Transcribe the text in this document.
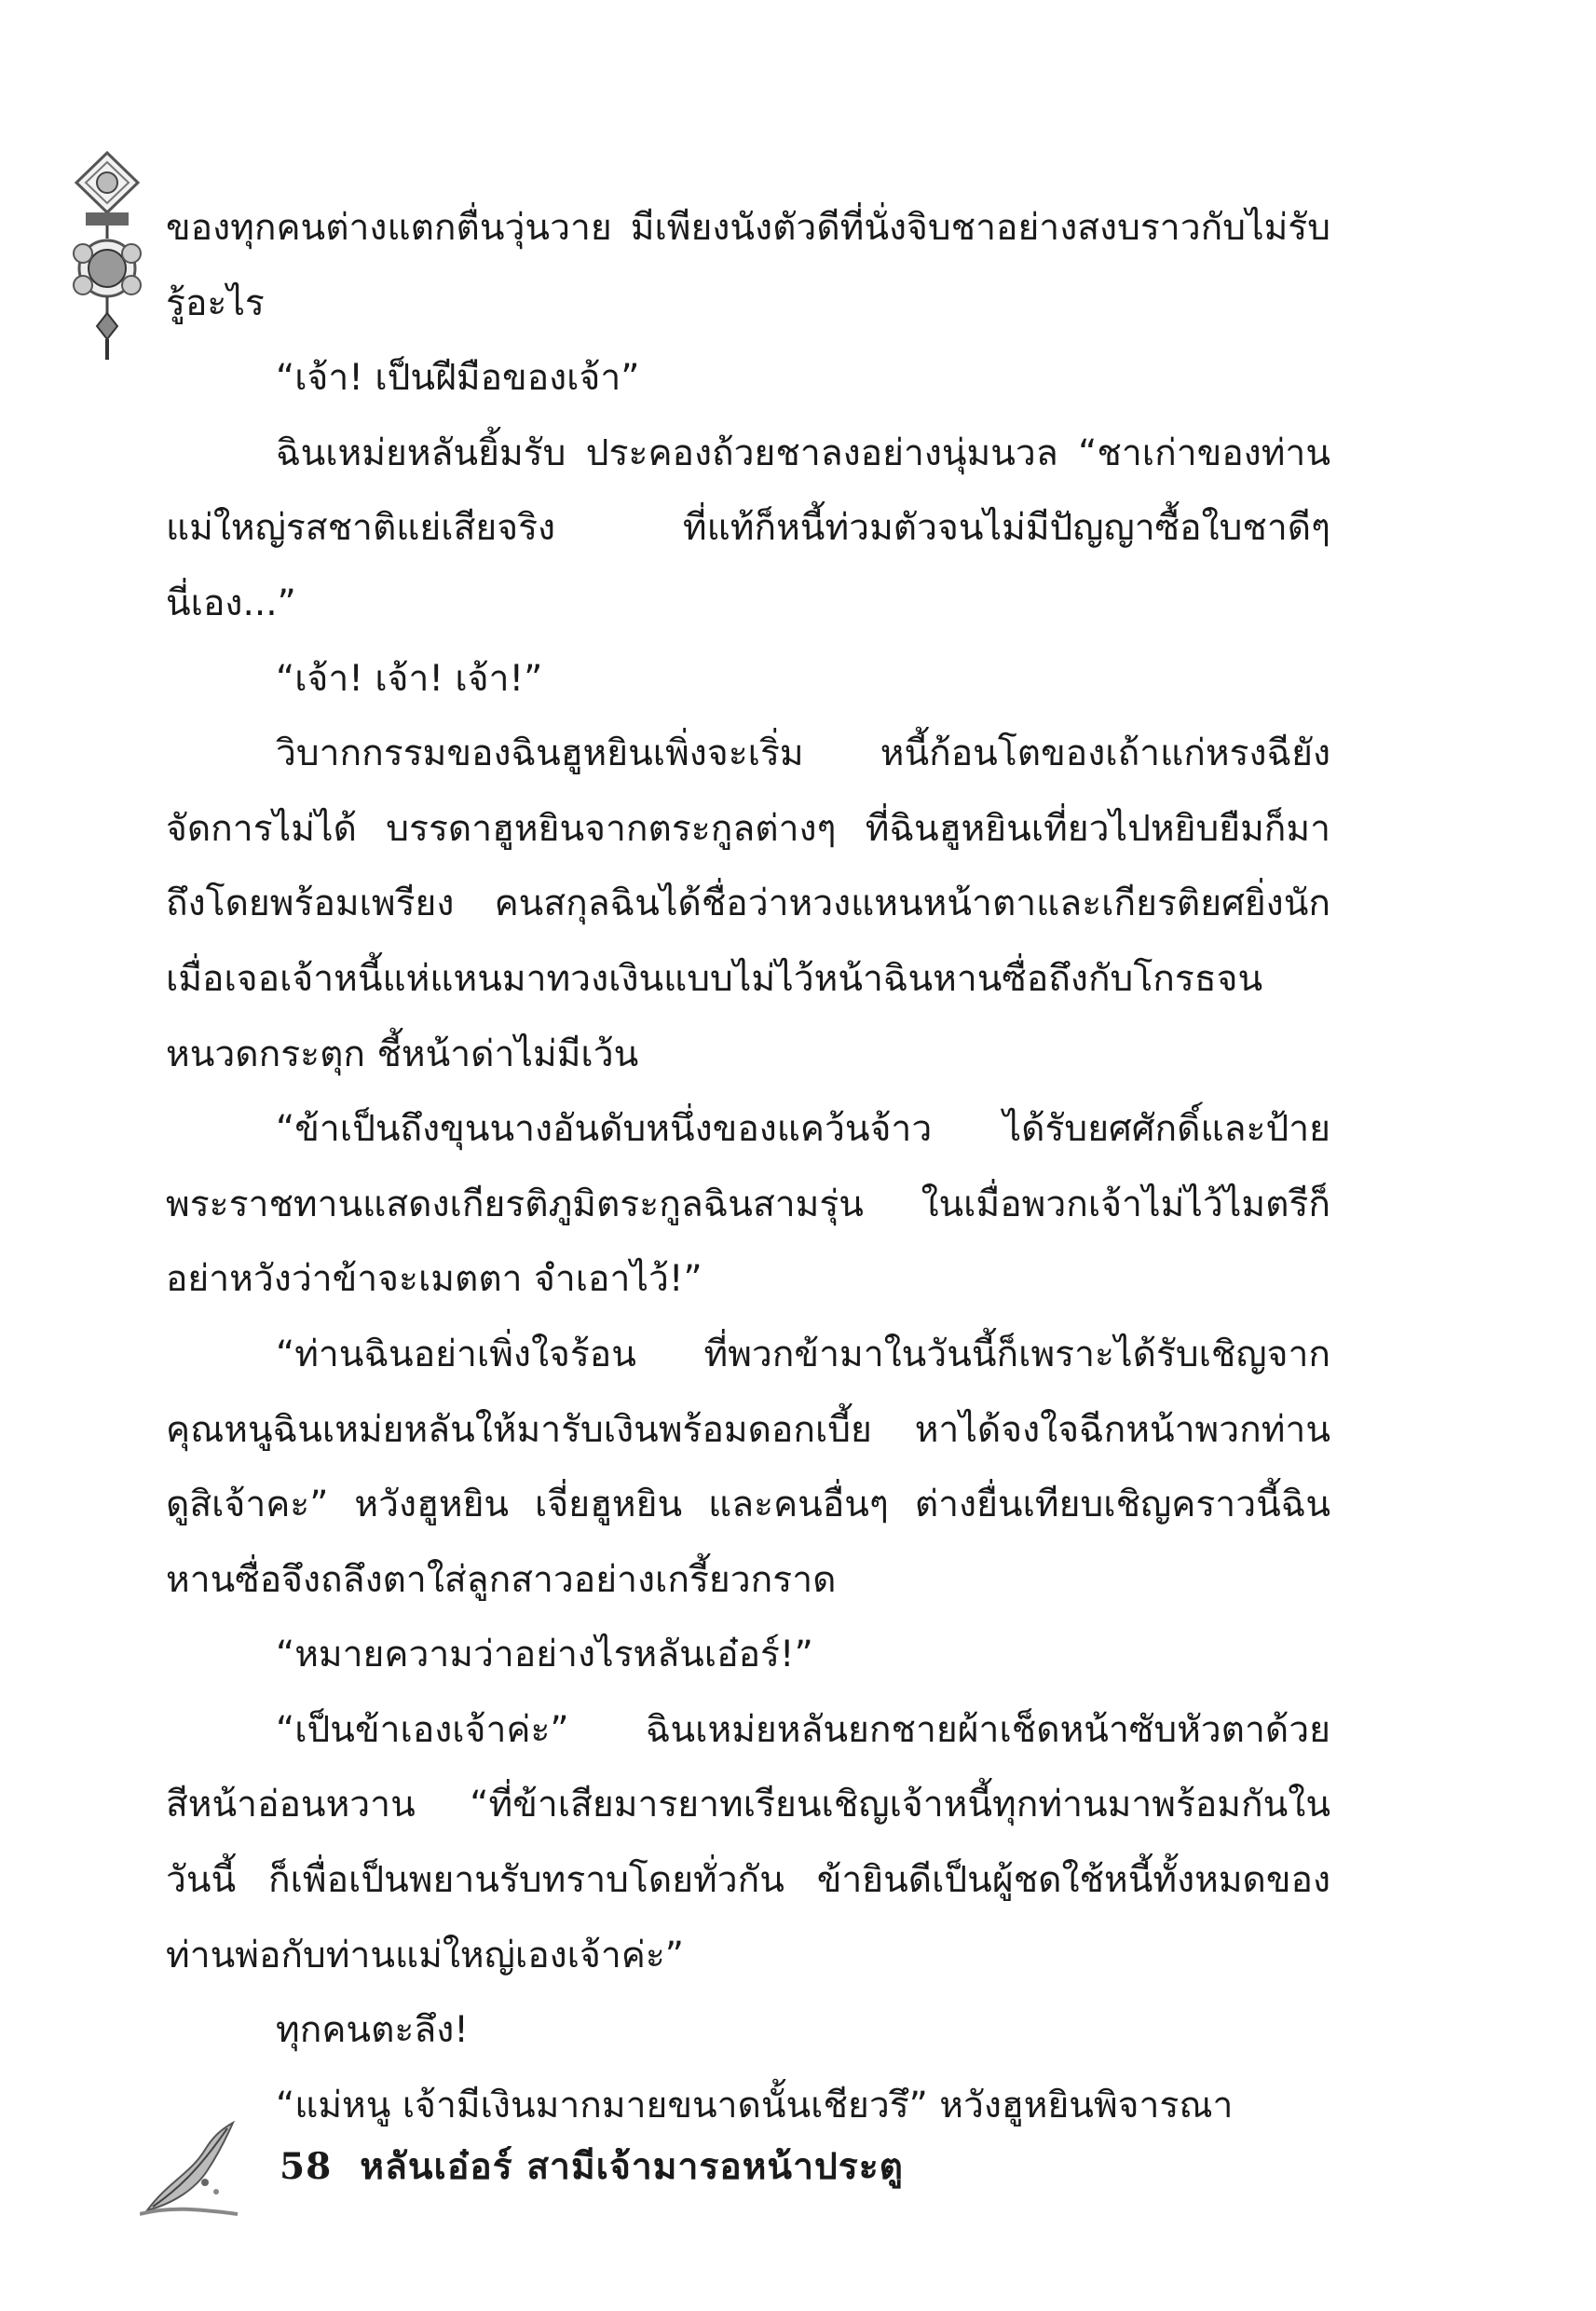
ของทุกคนต่างแตกตื่นวุ่นวาย มีเพียงนังตัวดีที่นั่งจิบชาอย่างสงบราวกับไม่รับรู้อะไร

“เจ้า! เป็นฝีมือของเจ้า”

ฉินเหม่ยหลันยิ้มรับ ประคองถ้วยชาลงอย่างนุ่มนวล “ชาเก่าของท่านแม่ใหญ่รสชาติแย่เสียจริง ที่แท้ก็หนี้ท่วมตัวจนไม่มีปัญญาซื้อใบชาดีๆ นี่เอง...”

“เจ้า! เจ้า! เจ้า!”

วิบากกรรมของฉินฮูหยินเพิ่งจะเริ่ม หนี้ก้อนโตของเถ้าแก่หรงฉียังจัดการไม่ได้ บรรดาฮูหยินจากตระกูลต่างๆ ที่ฉินฮูหยินเที่ยวไปหยิบยืมก็มาถึงโดยพร้อมเพรียง คนสกุลฉินได้ชื่อว่าหวงแหนหน้าตาและเกียรติยศยิ่งนัก เมื่อเจอเจ้าหนี้แห่แหนมาทวงเงินแบบไม่ไว้หน้าฉินหานซื่อถึงกับโกรธจนหนวดกระตุก ชี้หน้าด่าไม่มีเว้น

“ข้าเป็นถึงขุนนางอันดับหนึ่งของแคว้นจ้าว ได้รับยศศักดิ์และป้ายพระราชทานแสดงเกียรติภูมิตระกูลฉินสามรุ่น ในเมื่อพวกเจ้าไม่ไว้ไมตรีก็อย่าหวังว่าข้าจะเมตตา จำเอาไว้!”

“ท่านฉินอย่าเพิ่งใจร้อน ที่พวกข้ามาในวันนี้ก็เพราะได้รับเชิญจากคุณหนูฉินเหม่ยหลันให้มารับเงินพร้อมดอกเบี้ย หาได้จงใจฉีกหน้าพวกท่าน ดูสิเจ้าคะ” หวังฮูหยิน เจี่ยฮูหยิน และคนอื่นๆ ต่างยื่นเทียบเชิญคราวนี้ฉินหานซื่อจึงถลึงตาใส่ลูกสาวอย่างเกรี้ยวกราด

“หมายความว่าอย่างไรหลันเอ๋อร์!”

“เป็นข้าเองเจ้าค่ะ” ฉินเหม่ยหลันยกชายผ้าเช็ดหน้าซับหัวตาด้วยสีหน้าอ่อนหวาน “ที่ข้าเสียมารยาทเรียนเชิญเจ้าหนี้ทุกท่านมาพร้อมกันในวันนี้ ก็เพื่อเป็นพยานรับทราบโดยทั่วกัน ข้ายินดีเป็นผู้ชดใช้หนี้ทั้งหมดของท่านพ่อกับท่านแม่ใหญ่เองเจ้าค่ะ”

ทุกคนตะลึง!

“แม่หนู เจ้ามีเงินมากมายขนาดนั้นเชียวรึ” หวังฮูหยินพิจารณา

58 หลันเอ๋อร์ สามีเจ้ามารอหน้าประตู
